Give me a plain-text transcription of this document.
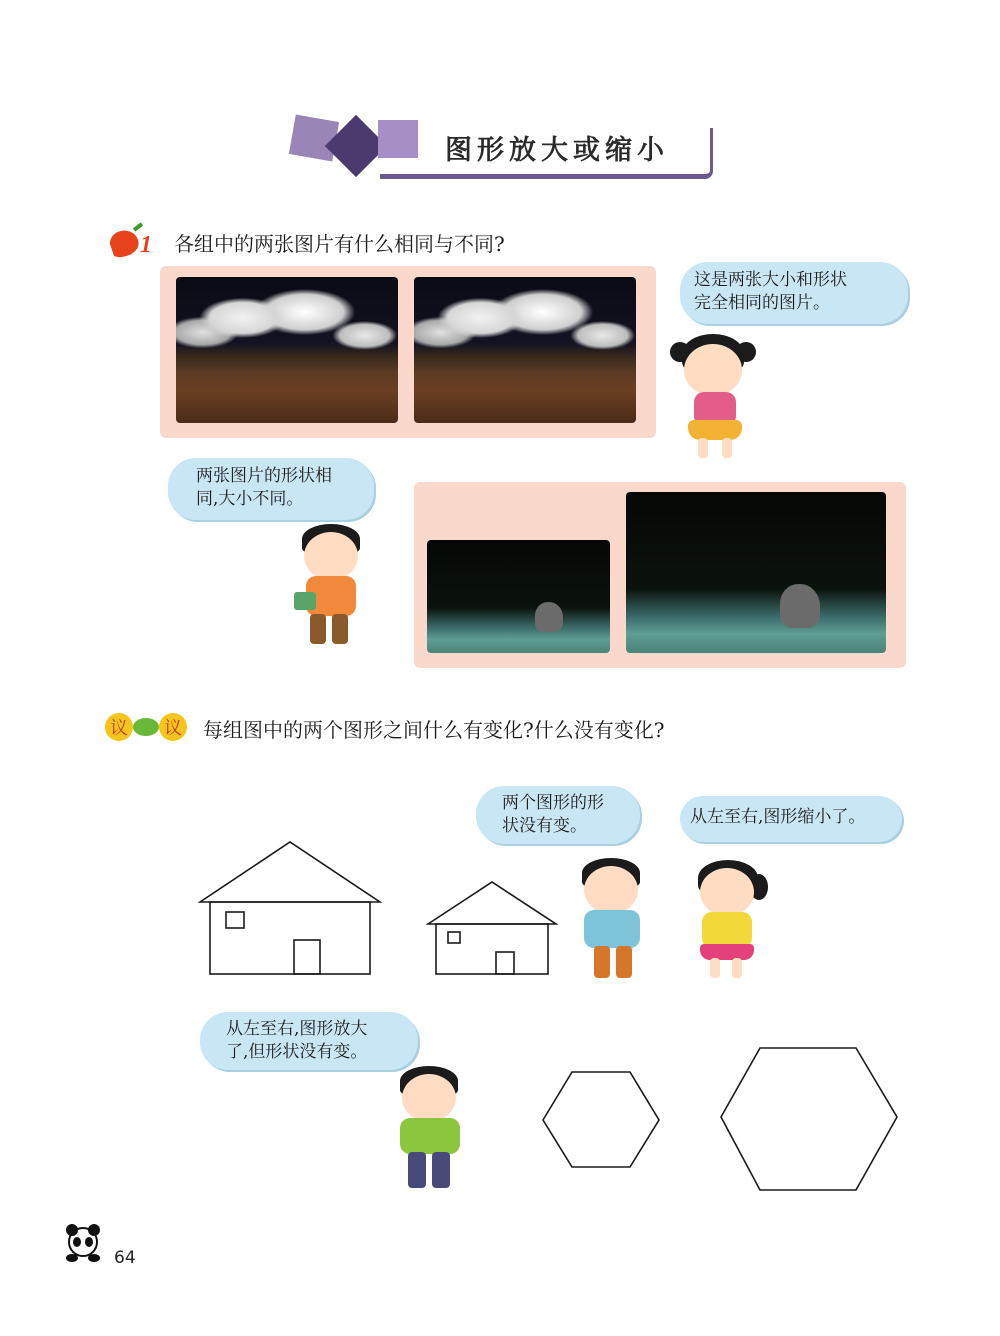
图形放大或缩小
1 各组中的两张图片有什么相同与不同?
这是两张大小和形状
完全相同的图片。
两张图片的形状相
同,大小不同。
议 议 每组图中的两个图形之间什么有变化?什么没有变化?
两个图形的形
状没有变。	从左至右,图形缩小了。
从左至右,图形放大
了,但形状没有变。
64
